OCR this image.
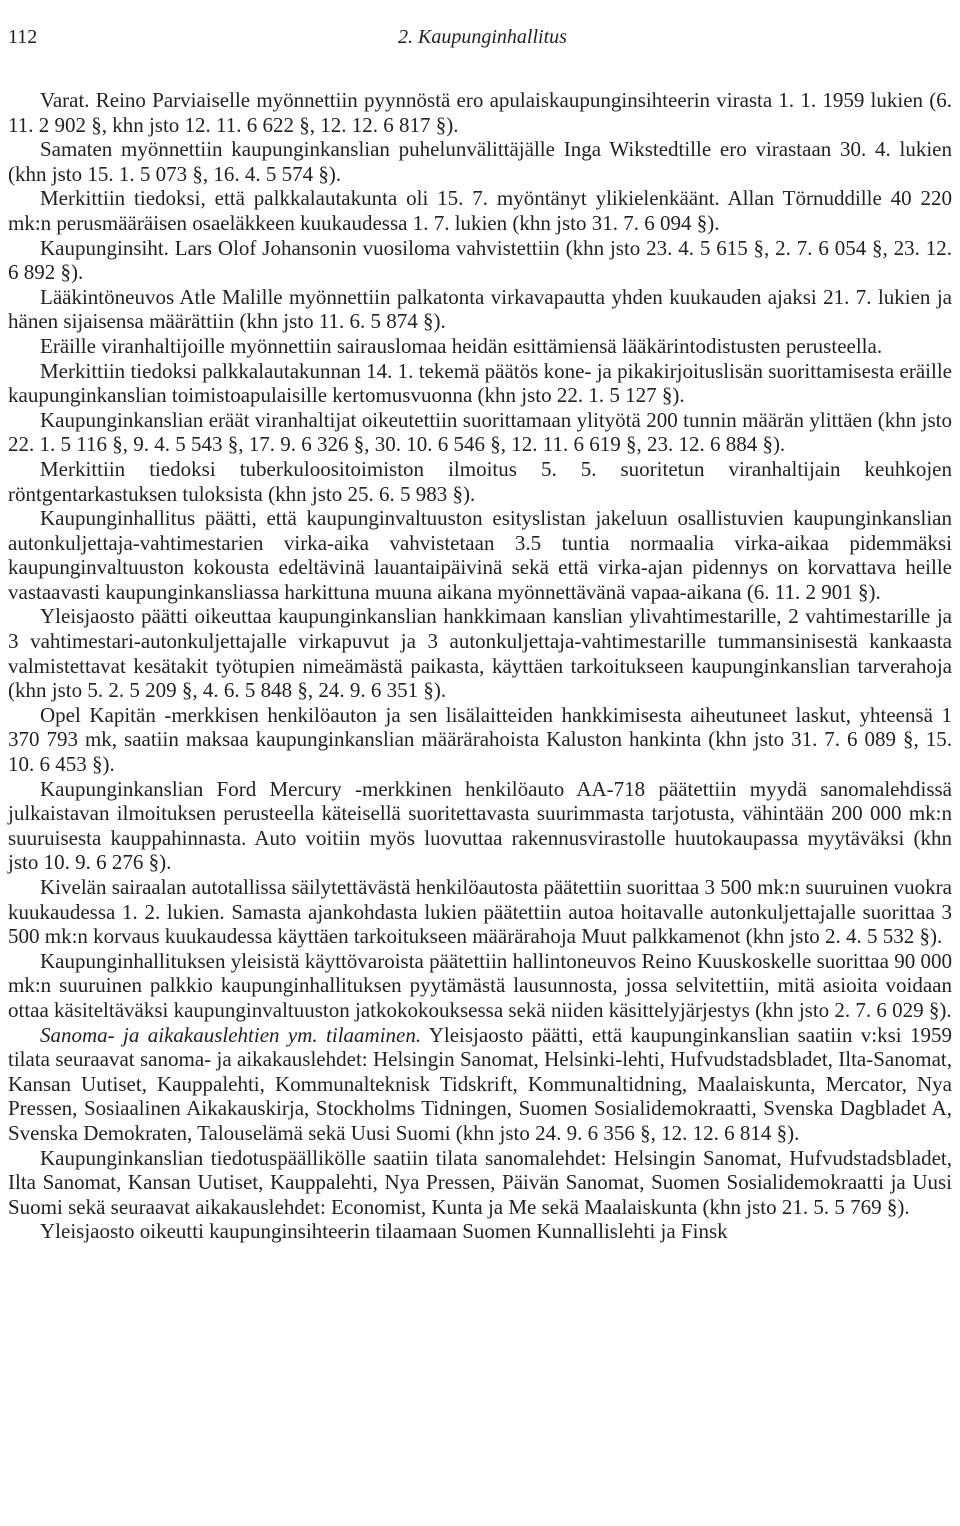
112	2. Kaupunginhallitus

Varat. Reino Parviaiselle myönnettiin pyynnöstä ero apulaiskaupunginsihteerin virasta 1. 1. 1959 lukien (6. 11. 2 902 §, khn jsto 12. 11. 6 622 §, 12. 12. 6 817 §).

Samaten myönnettiin kaupunginkanslian puhelunvälittäjälle Inga Wikstedtille ero virastaan 30. 4. lukien (khn jsto 15. 1. 5 073 §, 16. 4. 5 574 §).

Merkittiin tiedoksi, että palkkalautakunta oli 15. 7. myöntänyt ylikielenkäänt. Allan Törnuddille 40 220 mk:n perusmääräisen osaeläkkeen kuukaudessa 1. 7. lukien (khn jsto 31. 7. 6 094 §).

Kaupunginsiht. Lars Olof Johansonin vuosiloma vahvistettiin (khn jsto 23. 4. 5 615 §, 2. 7. 6 054 §, 23. 12. 6 892 §).

Lääkintöneuvos Atle Malille myönnettiin palkatonta virkavapautta yhden kuukauden ajaksi 21. 7. lukien ja hänen sijaisensa määrättiin (khn jsto 11. 6. 5 874 §).

Eräille viranhaltijoille myönnettiin sairauslomaa heidän esittämiensä lääkärintodistusten perusteella.

Merkittiin tiedoksi palkkalautakunnan 14. 1. tekemä päätös kone- ja pikakirjoituslisän suorittamisesta eräille kaupunginkanslian toimistoapulaisille kertomusvuonna (khn jsto 22. 1. 5 127 §).

Kaupunginkanslian eräät viranhaltijat oikeutettiin suorittamaan ylityötä 200 tunnin määrän ylittäen (khn jsto 22. 1. 5 116 §, 9. 4. 5 543 §, 17. 9. 6 326 §, 30. 10. 6 546 §, 12. 11. 6 619 §, 23. 12. 6 884 §).

Merkittiin tiedoksi tuberkuloositoimiston ilmoitus 5. 5. suoritetun viranhaltijain keuhkojen röntgentarkastuksen tuloksista (khn jsto 25. 6. 5 983 §).

Kaupunginhallitus päätti, että kaupunginvaltuuston esityslistan jakeluun osallistuvien kaupunginkanslian autonkuljettaja-vahtimestarien virka-aika vahvistetaan 3.5 tuntia normaalia virka-aikaa pidemmäksi kaupunginvaltuuston kokousta edeltävinä lauantaipäivinä sekä että virka-ajan pidennys on korvattava heille vastaavasti kaupunginkansliassa harkittuna muuna aikana myönnettävänä vapaa-aikana (6. 11. 2 901 §).

Yleisjaosto päätti oikeuttaa kaupunginkanslian hankkimaan kanslian ylivahtimestarille, 2 vahtimestarille ja 3 vahtimestari-autonkuljettajalle virkapuvut ja 3 autonkuljettaja-vahtimestarille tummansinisestä kankaasta valmistettavat kesätakit työtupien nimeämästä paikasta, käyttäen tarkoitukseen kaupunginkanslian tarverahoja (khn jsto 5. 2. 5 209 §, 4. 6. 5 848 §, 24. 9. 6 351 §).

Opel Kapitän -merkkisen henkilöauton ja sen lisälaitteiden hankkimisesta aiheutuneet laskut, yhteensä 1 370 793 mk, saatiin maksaa kaupunginkanslian määrärahoista Kaluston hankinta (khn jsto 31. 7. 6 089 §, 15. 10. 6 453 §).

Kaupunginkanslian Ford Mercury -merkkinen henkilöauto AA-718 päätettiin myydä sanomalehdissä julkaistavan ilmoituksen perusteella käteisellä suoritettavasta suurimmasta tarjotusta, vähintään 200 000 mk:n suuruisesta kauppahinnasta. Auto voitiin myös luovuttaa rakennusvirastolle huutokaupassa myytäväksi (khn jsto 10. 9. 6 276 §).

Kivelän sairaalan autotallissa säilytettävästä henkilöautosta päätettiin suorittaa 3 500 mk:n suuruinen vuokra kuukaudessa 1. 2. lukien. Samasta ajankohdasta lukien päätettiin autoa hoitavalle autonkuljettajalle suorittaa 3 500 mk:n korvaus kuukaudessa käyttäen tarkoitukseen määrärahoja Muut palkkamenot (khn jsto 2. 4. 5 532 §).

Kaupunginhallituksen yleisistä käyttövaroista päätettiin hallintoneuvos Reino Kuuskoskelle suorittaa 90 000 mk:n suuruinen palkkio kaupunginhallituksen pyytämästä lausunnosta, jossa selvitettiin, mitä asioita voidaan ottaa käsiteltäväksi kaupunginvaltuuston jatkokokouksessa sekä niiden käsittelyjärjestys (khn jsto 2. 7. 6 029 §).

Sanoma- ja aikakauslehtien ym. tilaaminen. Yleisjaosto päätti, että kaupunginkanslian saatiin v:ksi 1959 tilata seuraavat sanoma- ja aikakauslehdet: Helsingin Sanomat, Helsinki-lehti, Hufvudstadsbladet, Ilta-Sanomat, Kansan Uutiset, Kauppalehti, Kommunalteknisk Tidskrift, Kommunaltidning, Maalaiskunta, Mercator, Nya Pressen, Sosiaalinen Aikakauskirja, Stockholms Tidningen, Suomen Sosialidemokraatti, Svenska Dagbladet A, Svenska Demokraten, Talouselämä sekä Uusi Suomi (khn jsto 24. 9. 6 356 §, 12. 12. 6 814 §).

Kaupunginkanslian tiedotuspäällikölle saatiin tilata sanomalehdet: Helsingin Sanomat, Hufvudstadsbladet, Ilta Sanomat, Kansan Uutiset, Kauppalehti, Nya Pressen, Päivän Sanomat, Suomen Sosialidemokraatti ja Uusi Suomi sekä seuraavat aikakauslehdet: Economist, Kunta ja Me sekä Maalaiskunta (khn jsto 21. 5. 5 769 §).

Yleisjaosto oikeutti kaupunginsihteerin tilaamaan Suomen Kunnallislehti ja Finsk
